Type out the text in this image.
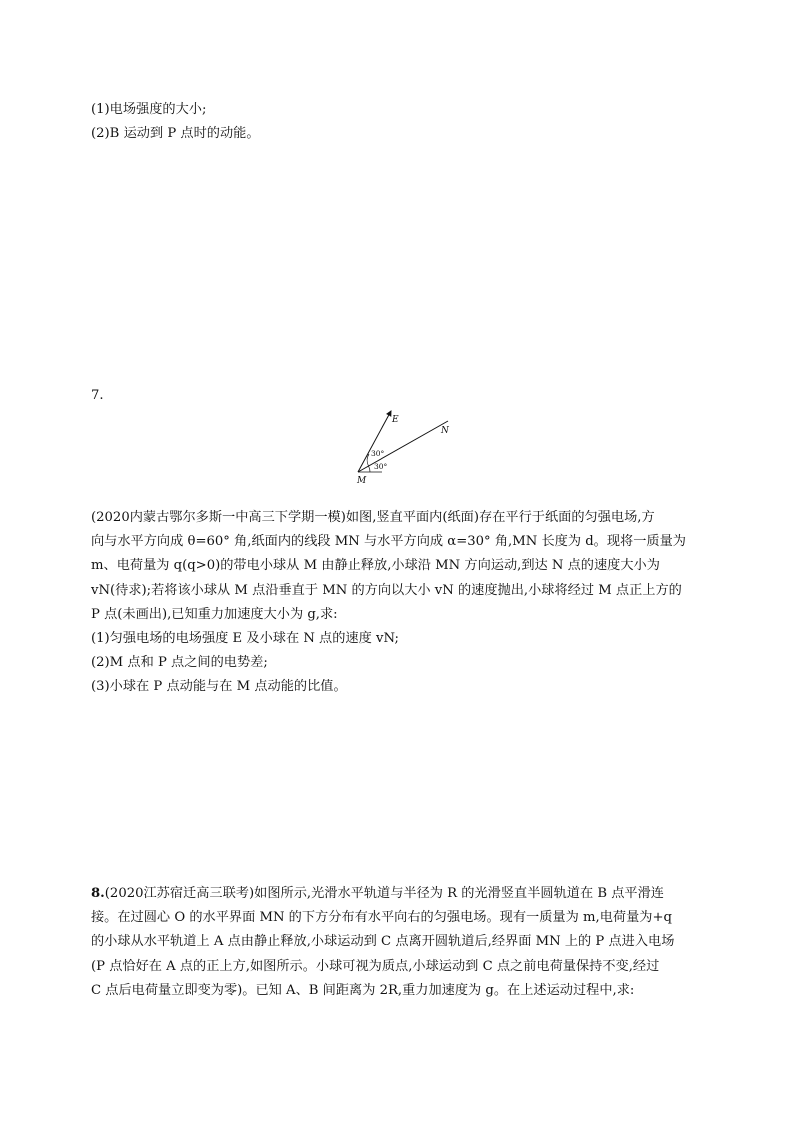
(1)电场强度的大小;
(2)B 运动到 P 点时的动能。
7.
E
N
M
30°
30°
(2020内蒙古鄂尔多斯一中高三下学期一模)如图,竖直平面内(纸面)存在平行于纸面的匀强电场,方
向与水平方向成 θ=60° 角,纸面内的线段 MN 与水平方向成 α=30° 角,MN 长度为 d。现将一质量为
m、电荷量为 q(q>0)的带电小球从 M 由静止释放,小球沿 MN 方向运动,到达 N 点的速度大小为
vN(待求);若将该小球从 M 点沿垂直于 MN 的方向以大小 vN 的速度抛出,小球将经过 M 点正上方的
P 点(未画出),已知重力加速度大小为 g,求:
(1)匀强电场的电场强度 E 及小球在 N 点的速度 vN;
(2)M 点和 P 点之间的电势差;
(3)小球在 P 点动能与在 M 点动能的比值。
8.(2020江苏宿迁高三联考)如图所示,光滑水平轨道与半径为 R 的光滑竖直半圆轨道在 B 点平滑连
接。在过圆心 O 的水平界面 MN 的下方分布有水平向右的匀强电场。现有一质量为 m,电荷量为+q
的小球从水平轨道上 A 点由静止释放,小球运动到 C 点离开圆轨道后,经界面 MN 上的 P 点进入电场
(P 点恰好在 A 点的正上方,如图所示。小球可视为质点,小球运动到 C 点之前电荷量保持不变,经过
C 点后电荷量立即变为零)。已知 A、B 间距离为 2R,重力加速度为 g。在上述运动过程中,求:
